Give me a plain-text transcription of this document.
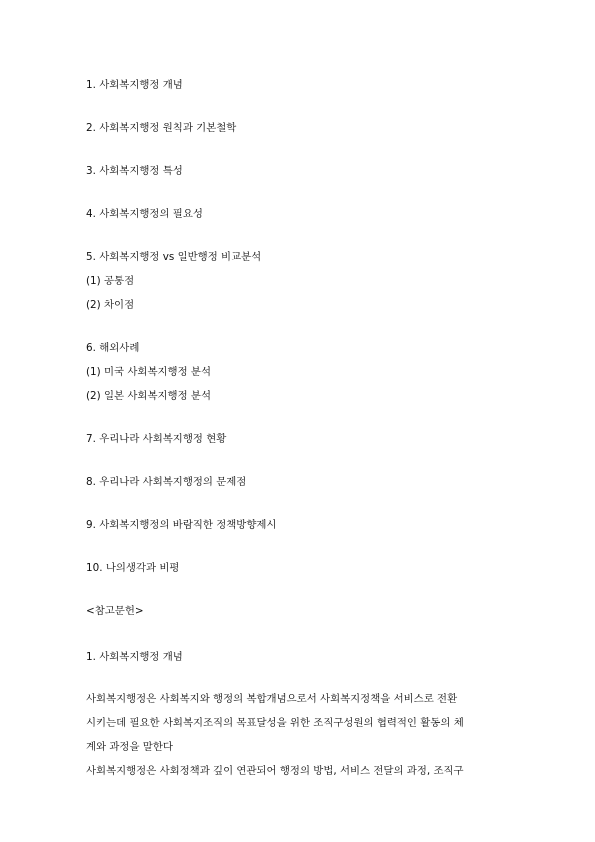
1. 사회복지행정 개념
2. 사회복지행정 원칙과 기본철학
3. 사회복지행정 특성
4. 사회복지행정의 필요성
5. 사회복지행정 vs 일반행정 비교분석
(1) 공통점
(2) 차이점
6. 해외사례
(1) 미국 사회복지행정 분석
(2) 일본 사회복지행정 분석
7. 우리나라 사회복지행정 현황
8. 우리나라 사회복지행정의 문제점
9. 사회복지행정의 바람직한 정책방향제시
10. 나의생각과 비평
<참고문헌>
1. 사회복지행정 개념
사회복지행정은 사회복지와 행정의 복합개념으로서 사회복지정책을 서비스로 전환
시키는데 필요한 사회복지조직의 목표달성을 위한 조직구성원의 협력적인 활동의 체
계와 과정을 말한다
사회복지행정은 사회정책과 깊이 연관되어 행정의 방법, 서비스 전달의 과정, 조직구
